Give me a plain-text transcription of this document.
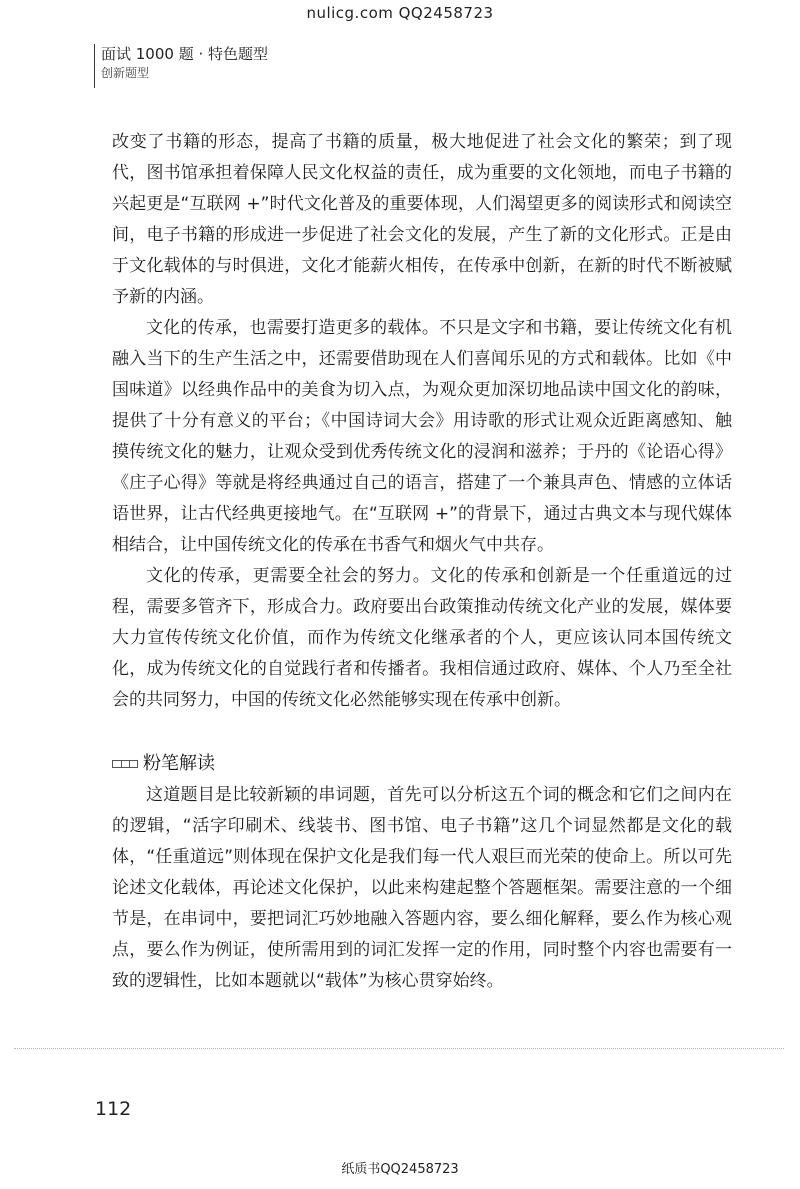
nulicg.com QQ2458723
面试 1000 题 · 特色题型
创新题型

改变了书籍的形态，提高了书籍的质量，极大地促进了社会文化的繁荣；到了现代，图书馆承担着保障人民文化权益的责任，成为重要的文化领地，而电子书籍的兴起更是“互联网 +”时代文化普及的重要体现，人们渴望更多的阅读形式和阅读空间，电子书籍的形成进一步促进了社会文化的发展，产生了新的文化形式。正是由于文化载体的与时俱进，文化才能薪火相传，在传承中创新，在新的时代不断被赋予新的内涵。

文化的传承，也需要打造更多的载体。不只是文字和书籍，要让传统文化有机融入当下的生产生活之中，还需要借助现在人们喜闻乐见的方式和载体。比如《中国味道》以经典作品中的美食为切入点，为观众更加深切地品读中国文化的韵味，提供了十分有意义的平台；《中国诗词大会》用诗歌的形式让观众近距离感知、触摸传统文化的魅力，让观众受到优秀传统文化的浸润和滋养；于丹的《论语心得》《庄子心得》等就是将经典通过自己的语言，搭建了一个兼具声色、情感的立体话语世界，让古代经典更接地气。在“互联网 +”的背景下，通过古典文本与现代媒体相结合，让中国传统文化的传承在书香气和烟火气中共存。

文化的传承，更需要全社会的努力。文化的传承和创新是一个任重道远的过程，需要多管齐下，形成合力。政府要出台政策推动传统文化产业的发展，媒体要大力宣传传统文化价值，而作为传统文化继承者的个人，更应该认同本国传统文化，成为传统文化的自觉践行者和传播者。我相信通过政府、媒体、个人乃至全社会的共同努力，中国的传统文化必然能够实现在传承中创新。

粉笔解读

这道题目是比较新颖的串词题，首先可以分析这五个词的概念和它们之间内在的逻辑，“活字印刷术、线装书、图书馆、电子书籍”这几个词显然都是文化的载体，“任重道远”则体现在保护文化是我们每一代人艰巨而光荣的使命上。所以可先论述文化载体，再论述文化保护，以此来构建起整个答题框架。需要注意的一个细节是，在串词中，要把词汇巧妙地融入答题内容，要么细化解释，要么作为核心观点，要么作为例证，使所需用到的词汇发挥一定的作用，同时整个内容也需要有一致的逻辑性，比如本题就以“载体”为核心贯穿始终。

112
纸质书QQ2458723
